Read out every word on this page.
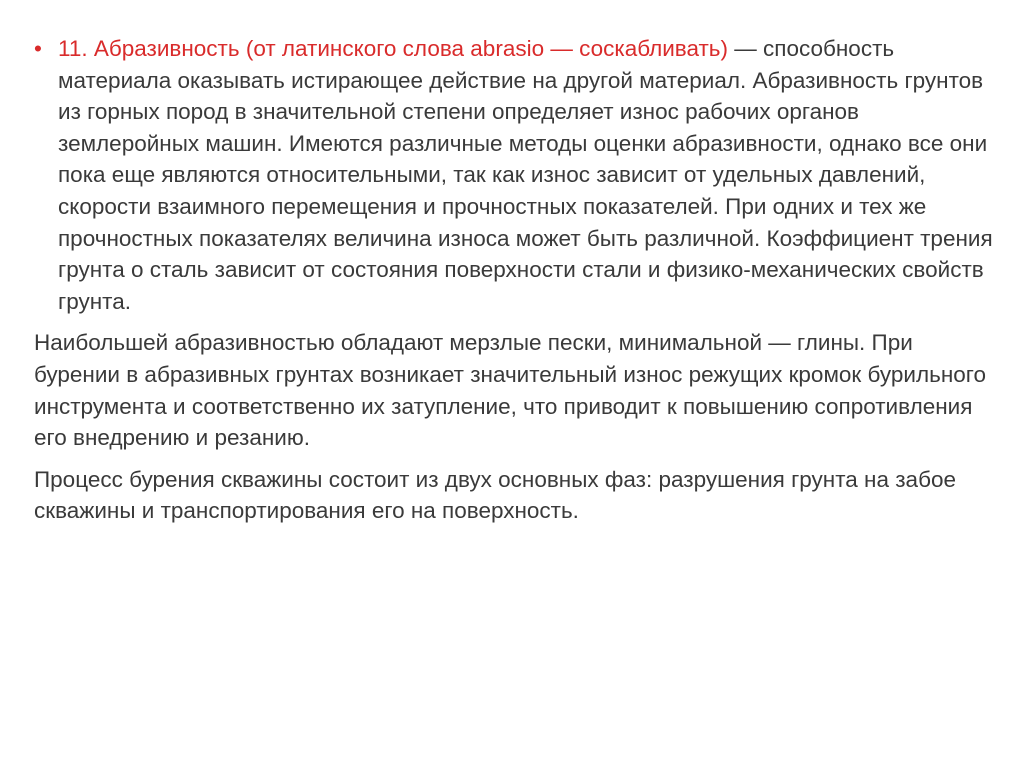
• 11. Абразивность (от латинского слова abrasio — соскабливать) — способность материала оказывать истирающее действие на другой материал. Абразивность грунтов из горных пород в значительной степени определяет износ рабочих органов землеройных машин. Имеются различные методы оценки абразивности, однако все они пока еще являются относительными, так как износ зависит от удельных давлений, скорости взаимного перемещения и прочностных показателей. При одних и тех же прочностных показателях величина износа может быть различной. Коэффициент трения грунта о сталь зависит от состояния поверхности стали и физико-механических свойств грунта.
Наибольшей абразивностью обладают мерзлые пески, минимальной — глины. При бурении в абразивных грунтах возникает значительный износ режущих кромок бурильного инструмента и соответственно их затупление, что приводит к повышению сопротивления его внедрению и резанию.
Процесс бурения скважины состоит из двух основных фаз: разрушения грунта на забое скважины и транспортирования его на поверхность.
